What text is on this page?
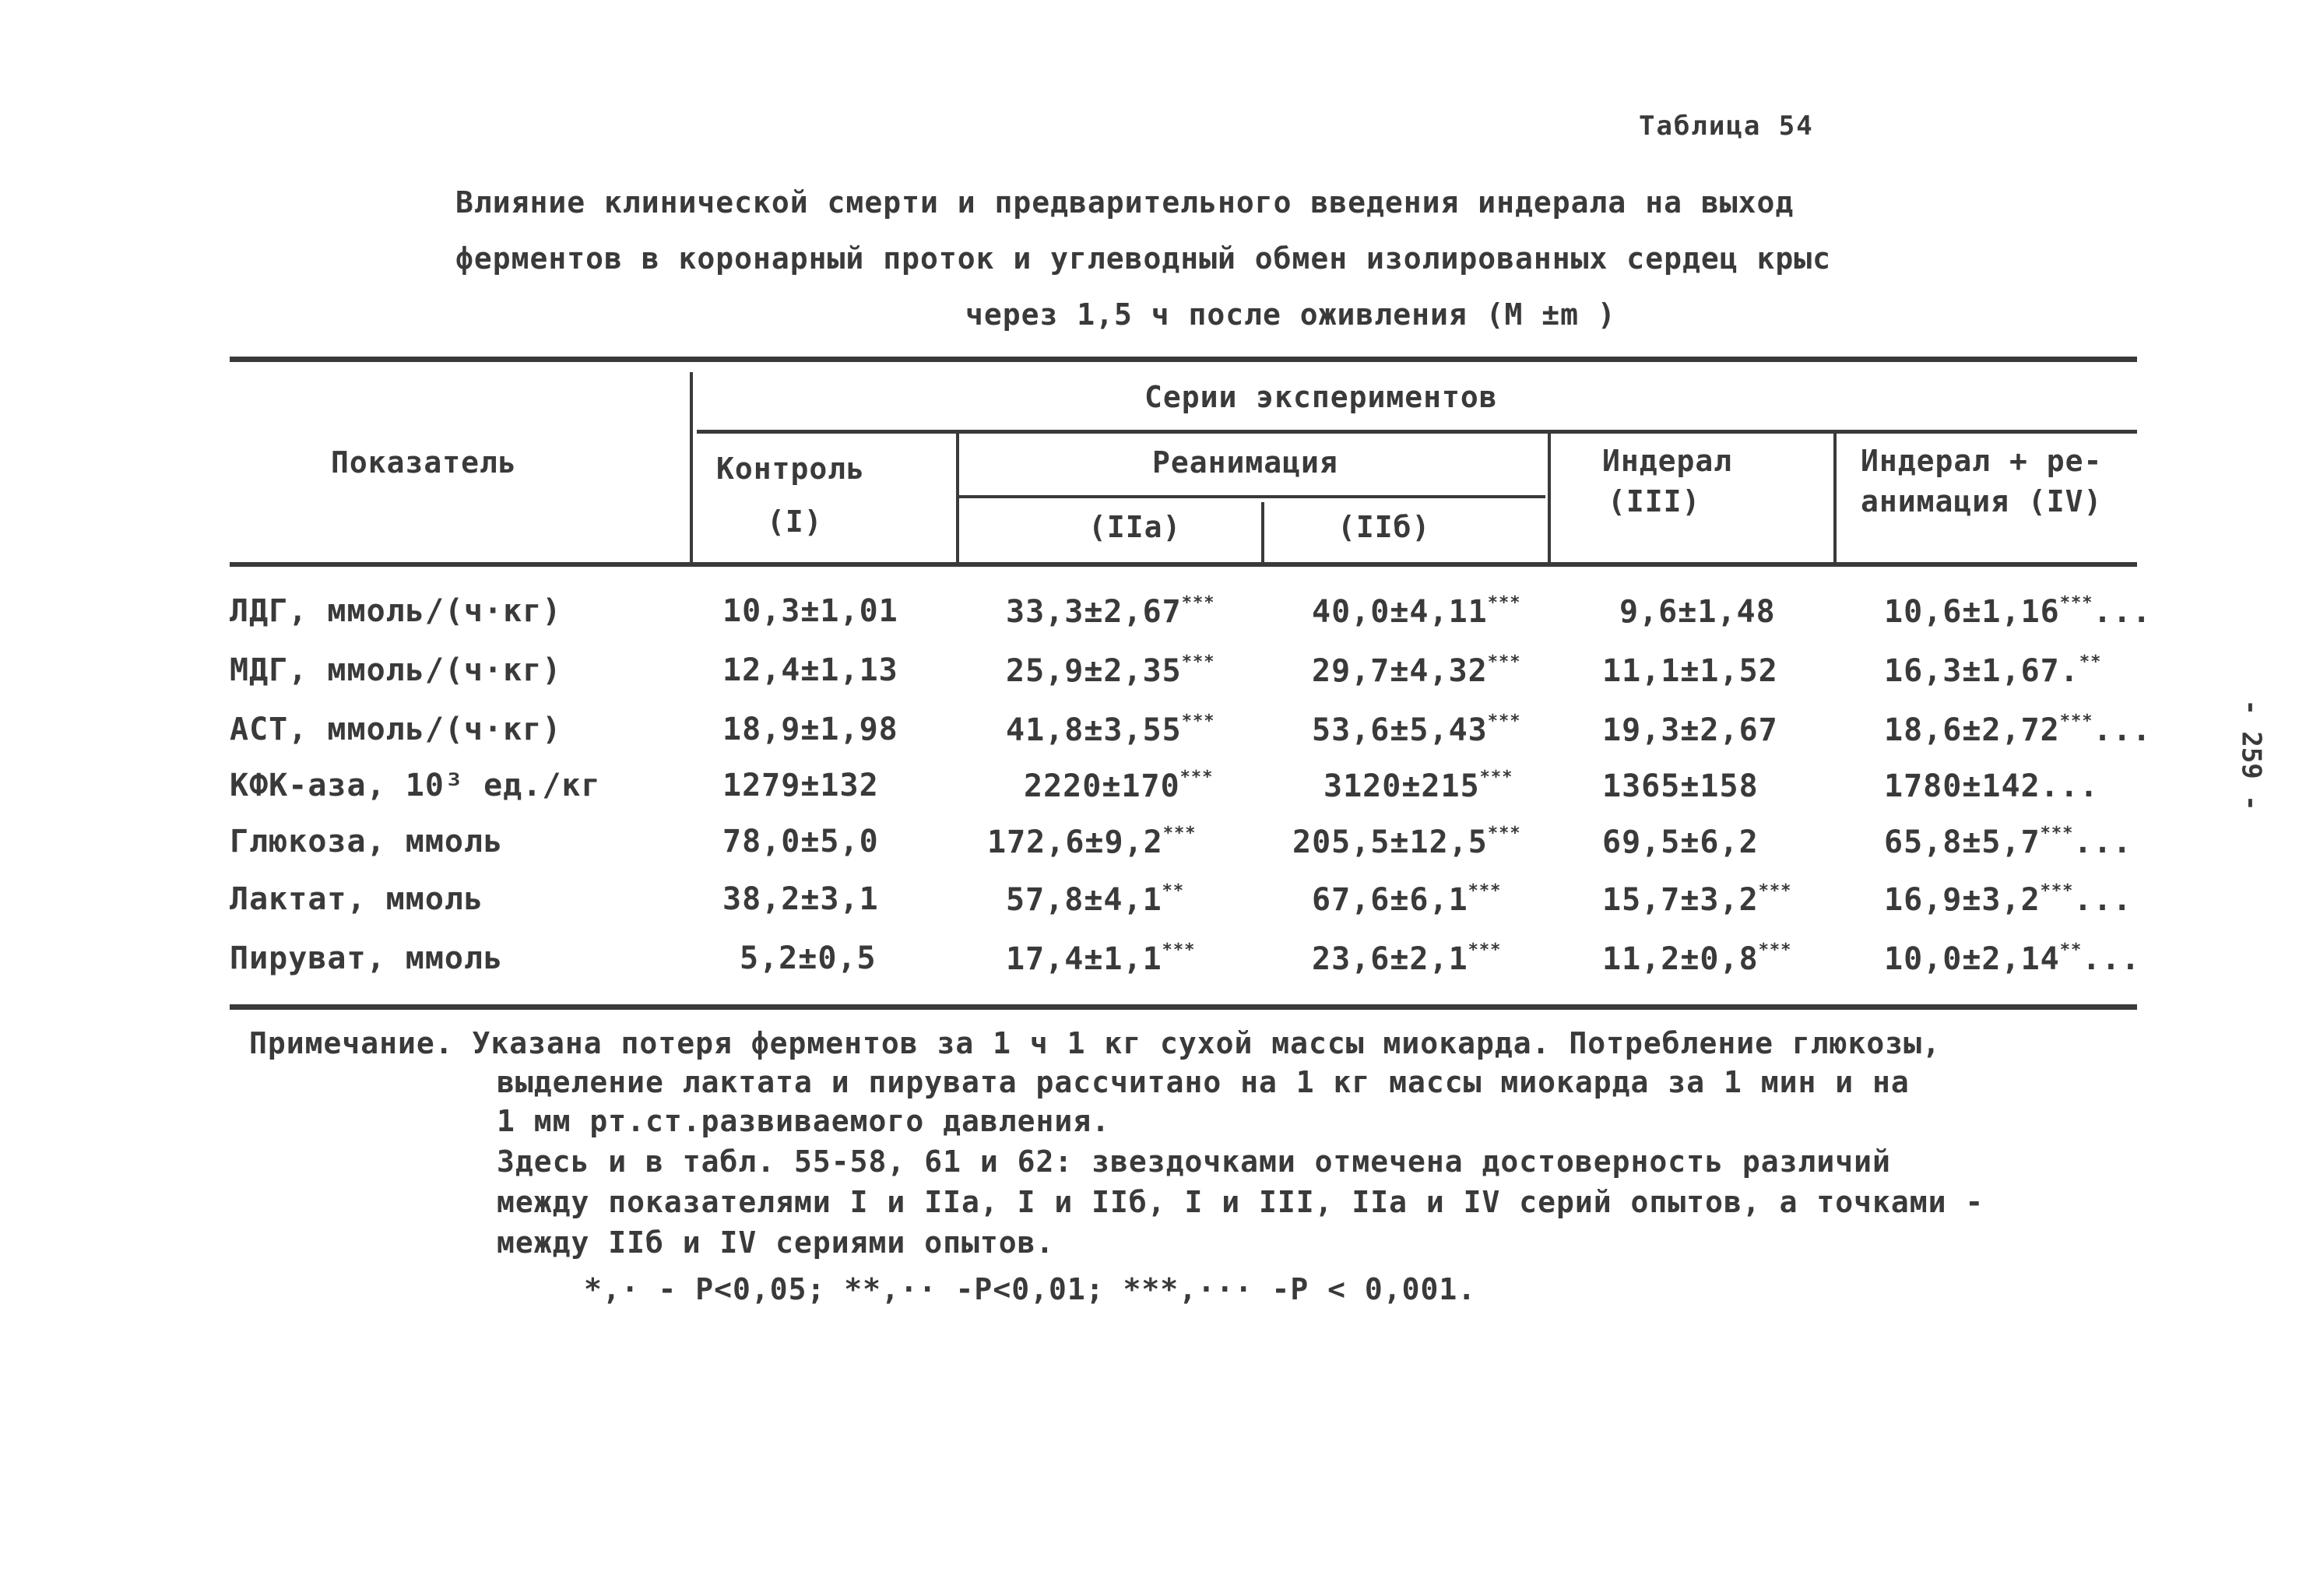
Таблица 54
Влияние клинической смерти и предварительного введения индерала на выход
ферментов в коронарный проток и углеводный обмен изолированных сердец крыс
через 1,5 ч после оживления (M ±m )
Показатель
Серии экспериментов
Контроль
(I)
Реанимация
(IIa)	(IIб)
Индерал
(III)
Индерал + ре-
анимация (IV)
ЛДГ, ммоль/(ч·кг)	10,3±1,01	33,3±2,67***	40,0±4,11***	9,6±1,48	10,6±1,16***...
МДГ, ммоль/(ч·кг)	12,4±1,13	25,9±2,35***	29,7±4,32***	11,1±1,52	16,3±1,67.**
АСТ, ммоль/(ч·кг)	18,9±1,98	41,8±3,55***	53,6±5,43***	19,3±2,67	18,6±2,72***...
КФК-аза, 10³ ед./кг	1279±132	2220±170***	3120±215***	1365±158	1780±142...
Глюкоза, ммоль	78,0±5,0	172,6±9,2***	205,5±12,5***	69,5±6,2	65,8±5,7***...
Лактат, ммоль	38,2±3,1	57,8±4,1**	67,6±6,1***	15,7±3,2***	16,9±3,2***...
Пируват, ммоль	5,2±0,5	17,4±1,1***	23,6±2,1***	11,2±0,8***	10,0±2,14**...
Примечание. Указана потеря ферментов за 1 ч 1 кг сухой массы миокарда. Потребление глюкозы,
выделение лактата и пирувата рассчитано на 1 кг массы миокарда за 1 мин и на
1 мм рт.ст.развиваемого давления.
Здесь и в табл. 55-58, 61 и 62: звездочками отмечена достоверность различий
между показателями I и IIа, I и IIб, I и III, IIа и IV серий опытов, а точками -
между IIб и IV сериями опытов.
*,· - P<0,05; **,·· -P<0,01; ***,··· -P < 0,001.
- 259 -
